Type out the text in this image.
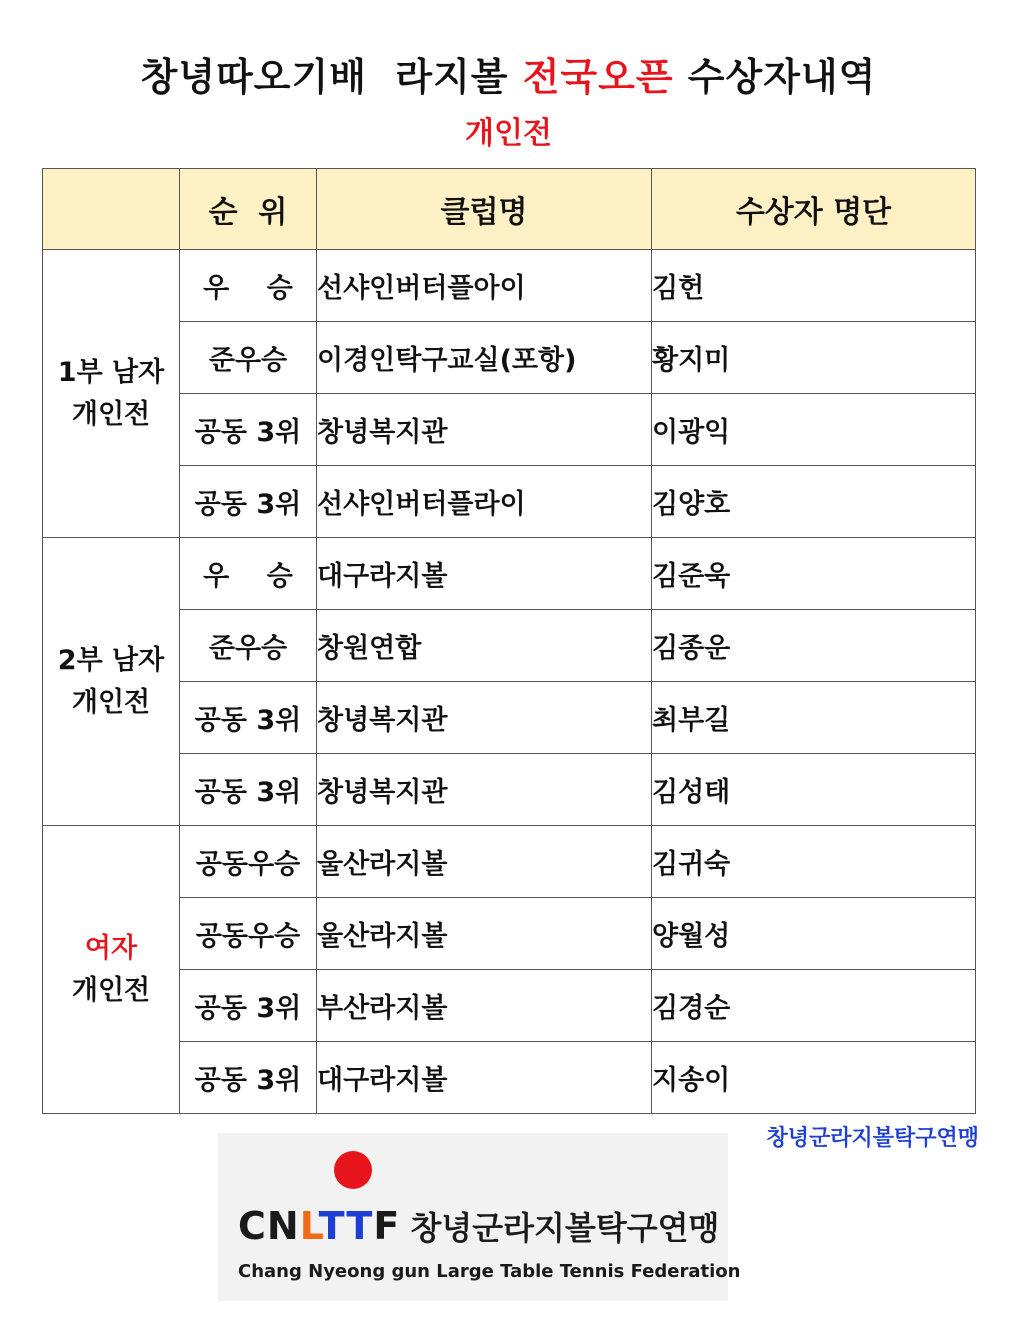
창녕따오기배  라지볼 전국오픈 수상자내역
개인전
	순  위	클럽명	수상자 명단

1부 남자
개인전	우    승	선샤인버터플아이	김헌
	준우승	이경인탁구교실(포항)	황지미
	공동 3위	창녕복지관	이광익
	공동 3위	선샤인버터플라이	김양호

2부 남자
개인전	우    승	대구라지볼	김준욱
	준우승	창원연합	김종운
	공동 3위	창녕복지관	최부길
	공동 3위	창녕복지관	김성태

여자
개인전	공동우승	울산라지볼	김귀숙
	공동우승	울산라지볼	양월성
	공동 3위	부산라지볼	김경순
	공동 3위	대구라지볼	지송이
창녕군라지볼탁구연맹
CNLTTF 창녕군라지볼탁구연맹
Chang Nyeong gun Large Table Tennis Federation
